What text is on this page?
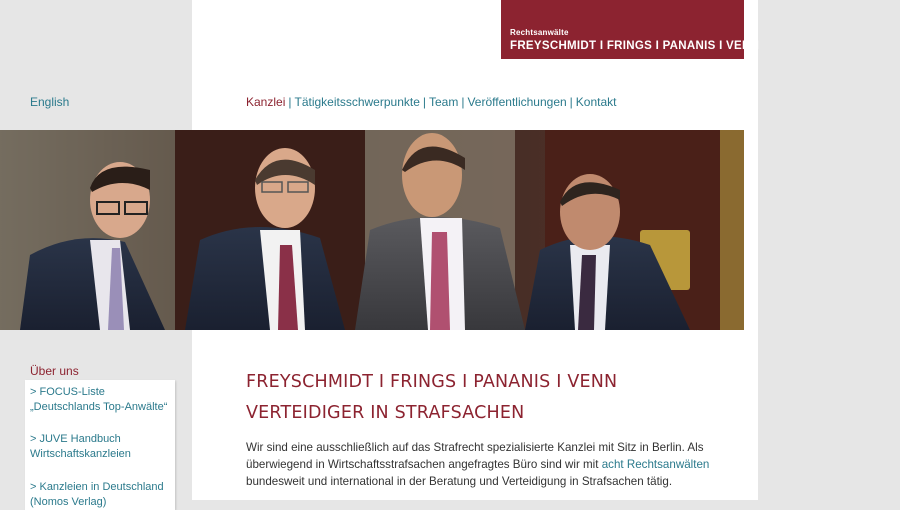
Rechtsanwälte
FREYSCHMIDT I FRINGS I PANANIS I VENN
English	Kanzlei | Tätigkeitsschwerpunkte | Team | Veröffentlichungen | Kontakt
Über uns
> FOCUS-Liste „Deutschlands Top-Anwälte“
> JUVE Handbuch Wirtschaftskanzleien
> Kanzleien in Deutschland (Nomos Verlag)
FREYSCHMIDT I FRINGS I PANANIS I VENN
VERTEIDIGER IN STRAFSACHEN
Wir sind eine ausschließlich auf das Strafrecht spezialisierte Kanzlei mit Sitz in Berlin. Als überwiegend in Wirtschaftsstrafsachen angefragtes Büro sind wir mit acht Rechtsanwälten bundesweit und international in der Beratung und Verteidigung in Strafsachen tätig.
